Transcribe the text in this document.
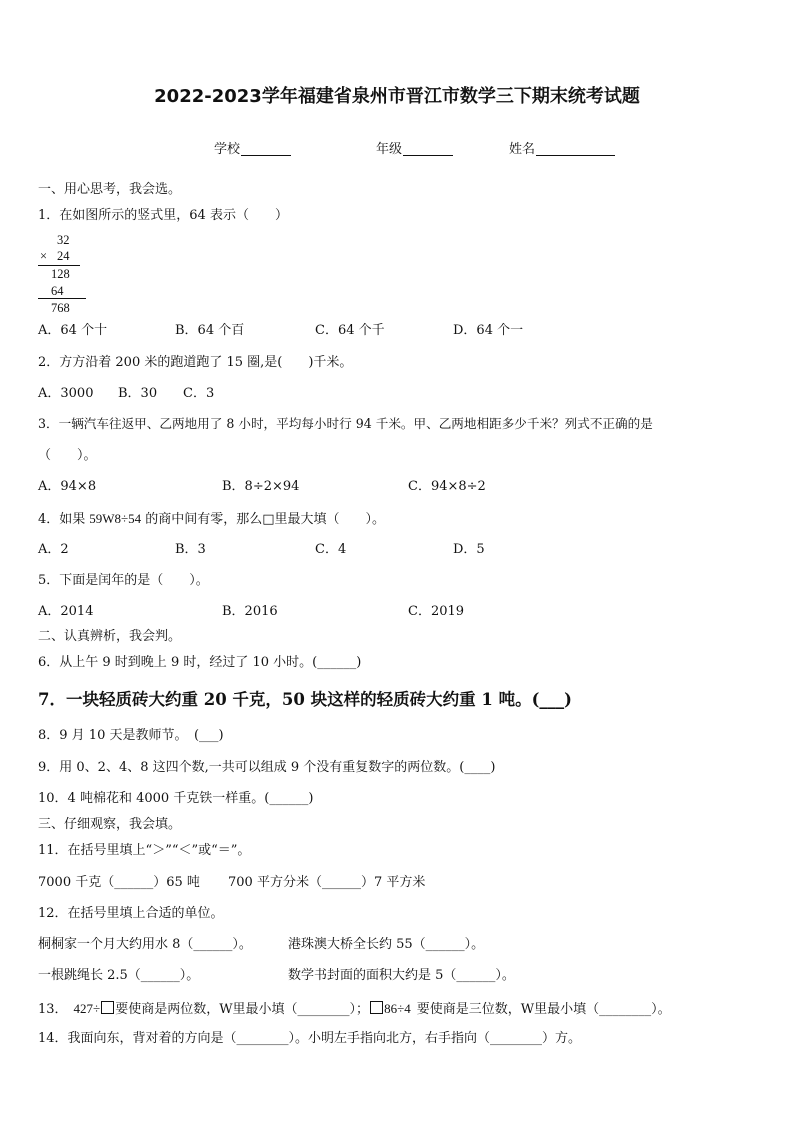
2022-2023学年福建省泉州市晋江市数学三下期末统考试题
学校	年级	姓名
一、用心思考，我会选。
1．在如图所示的竖式里，64 表示（　　）
32
× 24
128
64
768
A．64 个十	B．64 个百	C．64 个千	D．64 个一
2．方方沿着 200 米的跑道跑了 15 圈,是(　　)千米。
A．3000 B．30 C．3
3．一辆汽车往返甲、乙两地用了 8 小时，平均每小时行 94 千米。甲、乙两地相距多少千米？列式不正确的是
（　　）。
A．94×8	B．8÷2×94	C．94×8÷2
4．如果 59W8÷54 的商中间有零，那么□里最大填（　　）。
A．2	B．3	C．4	D．5
5．下面是闰年的是（　　）。
A．2014	B．2016	C．2019
二、认真辨析，我会判。
6．从上午 9 时到晚上 9 时，经过了 10 小时。(______)
7．一块轻质砖大约重 20 千克，50 块这样的轻质砖大约重 1 吨。(___)
8．9 月 10 天是教师节。　(___)
9．用 0、2、4、8 这四个数,一共可以组成 9 个没有重复数字的两位数。(____)
10．4 吨棉花和 4000 千克铁一样重。(______)
三、仔细观察，我会填。
11．在括号里填上“＞”“＜”或“＝”。
7000 千克（______）65 吨 700 平方分米（______）7 平方米
12．在括号里填上合适的单位。
桐桐家一个月大约用水 8（______）。	港珠澳大桥全长约 55（______）。
一根跳绳长 2.5（______）。	数学书封面的面积大约是 5（______）。
13． 427÷ 要使商是两位数，W里最小填（________）； 86÷4 要使商是三位数，W里最小填（________）。
14．我面向东，背对着的方向是（________）。小明左手指向北方，右手指向（________）方。
